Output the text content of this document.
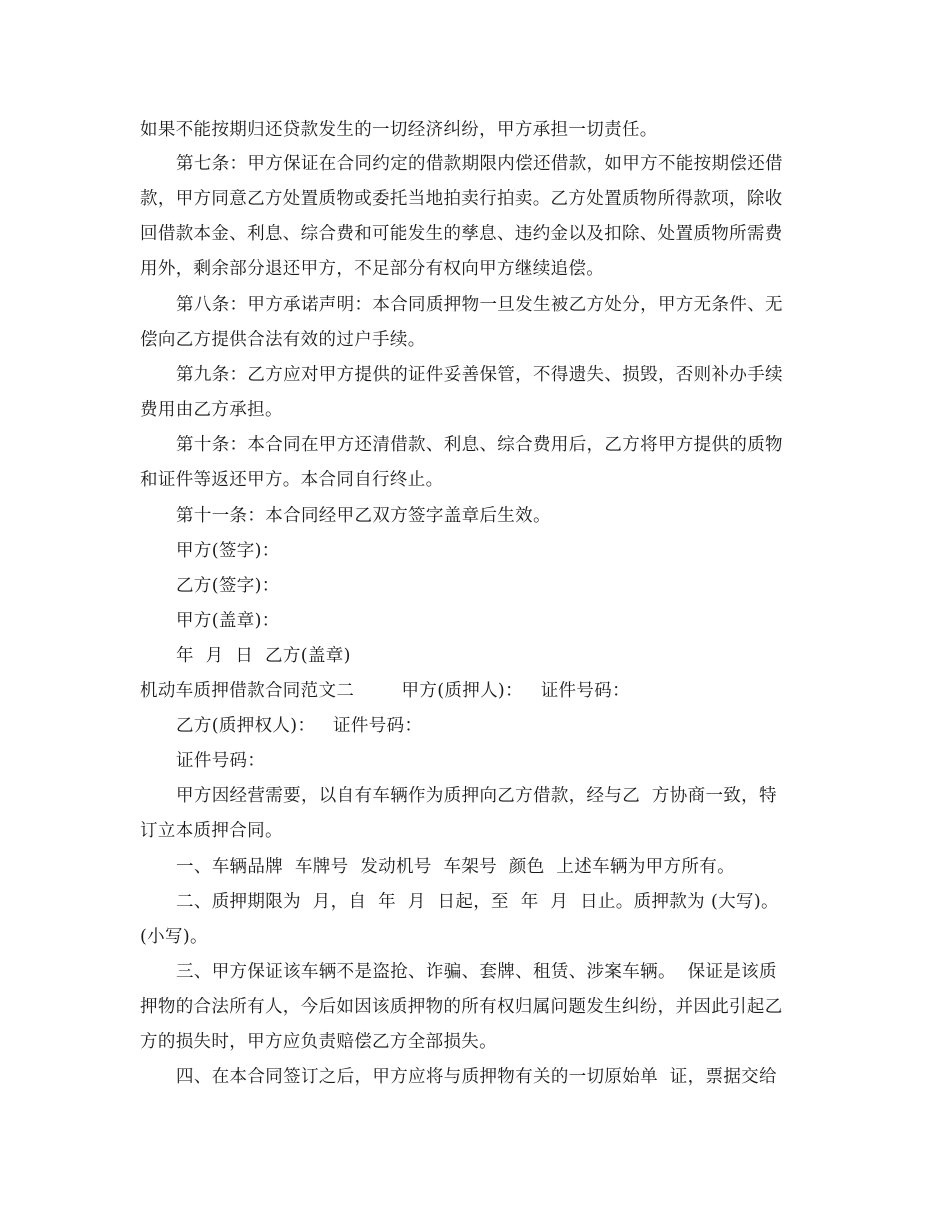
如果不能按期归还贷款发生的一切经济纠纷，甲方承担一切责任。
第七条：甲方保证在合同约定的借款期限内偿还借款，如甲方不能按期偿还借
款，甲方同意乙方处置质物或委托当地拍卖行拍卖。乙方处置质物所得款项，除收
回借款本金、利息、综合费和可能发生的孳息、违约金以及扣除、处置质物所需费
用外，剩余部分退还甲方，不足部分有权向甲方继续追偿。
第八条：甲方承诺声明：本合同质押物一旦发生被乙方处分，甲方无条件、无
偿向乙方提供合法有效的过户手续。
第九条：乙方应对甲方提供的证件妥善保管，不得遗失、损毁，否则补办手续
费用由乙方承担。
第十条：本合同在甲方还清借款、利息、综合费用后，乙方将甲方提供的质物
和证件等返还甲方。本合同自行终止。
第十一条：本合同经甲乙双方签字盖章后生效。
甲方(签字)：
乙方(签字)：
甲方(盖章)：
年  月  日  乙方(盖章)
机动车质押借款合同范文二        甲方(质押人)：   证件号码：
乙方(质押权人)：   证件号码：
证件号码：
甲方因经营需要，以自有车辆作为质押向乙方借款，经与乙  方协商一致，特
订立本质押合同。
一、车辆品牌  车牌号  发动机号  车架号  颜色  上述车辆为甲方所有。
二、质押期限为  月，自  年  月  日起，至  年  月  日止。质押款为 (大写)。
(小写)。
三、甲方保证该车辆不是盗抢、诈骗、套牌、租赁、涉案车辆。  保证是该质
押物的合法所有人，今后如因该质押物的所有权归属问题发生纠纷，并因此引起乙
方的损失时，甲方应负责赔偿乙方全部损失。
四、在本合同签订之后，甲方应将与质押物有关的一切原始单  证，票据交给
